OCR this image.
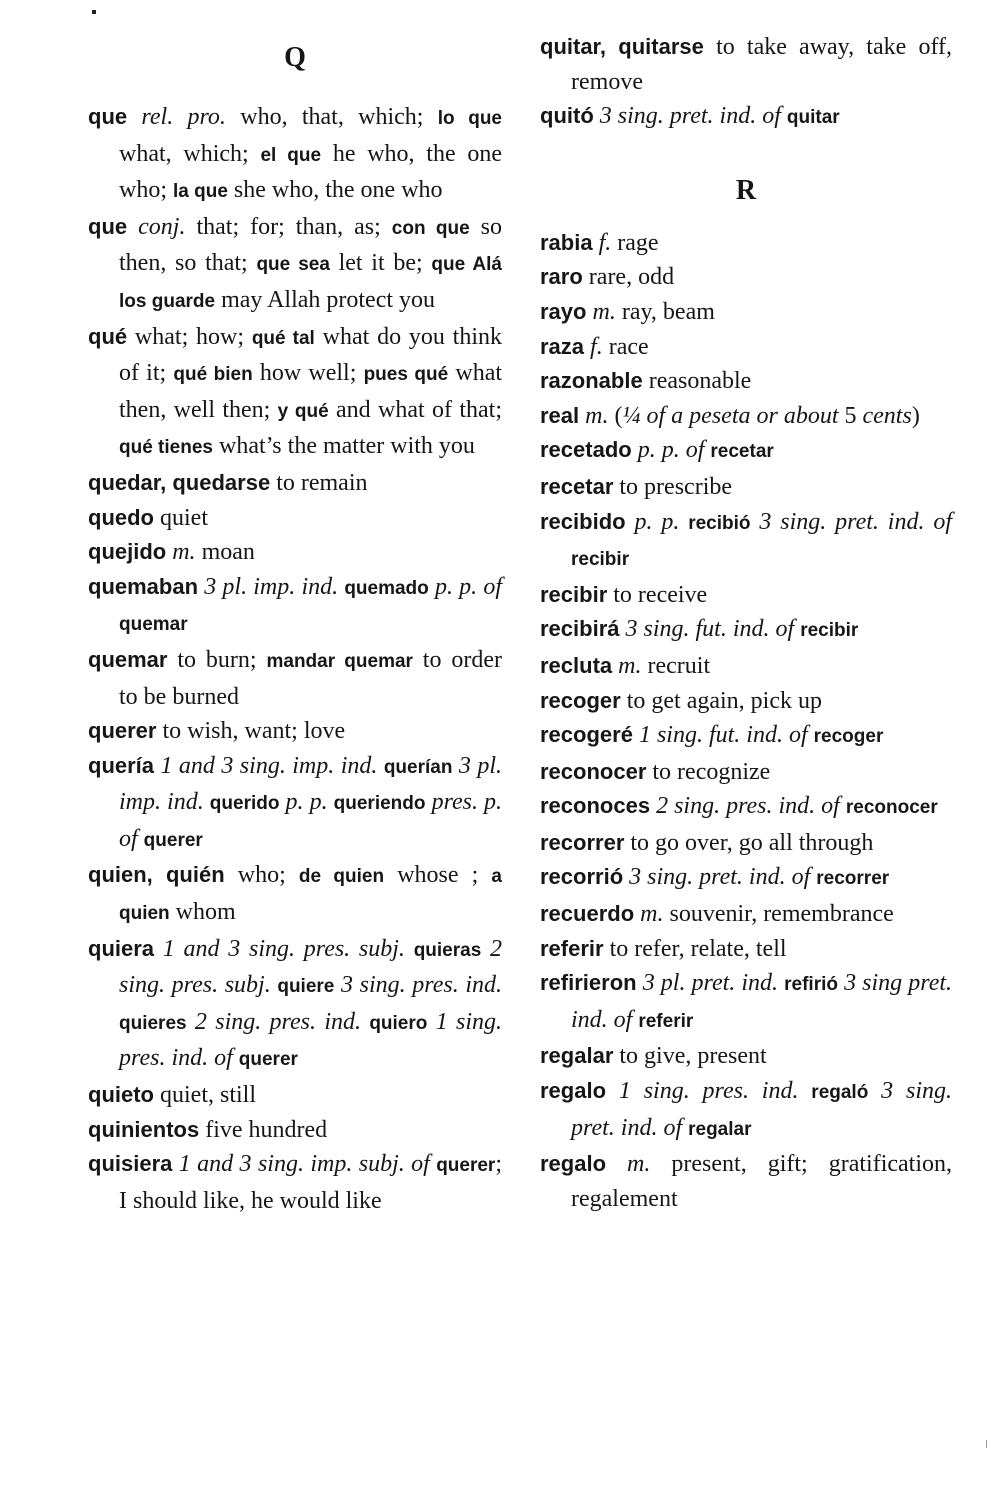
Q

que rel. pro. who, that, which; lo que what, which; el que he who, the one who; la que she who, the one who

que conj. that; for; than, as; con que so then, so that; que sea let it be; que Alá los guarde may Allah protect you

qué what; how; qué tal what do you think of it; qué bien how well; pues qué what then, well then; y qué and what of that; qué tienes what’s the matter with you

quedar, quedarse to remain

quedo quiet

quejido m. moan

quemaban 3 pl. imp. ind. quemado p. p. of quemar

quemar to burn; mandar quemar to order to be burned

querer to wish, want; love

quería 1 and 3 sing. imp. ind. querían 3 pl. imp. ind. querido p. p. queriendo pres. p. of querer

quien, quién who; de quien whose ; a quien whom

quiera 1 and 3 sing. pres. subj. quieras 2 sing. pres. subj. quiere 3 sing. pres. ind. quieres 2 sing. pres. ind. quiero 1 sing. pres. ind. of querer

quieto quiet, still

quinientos five hundred

quisiera 1 and 3 sing. imp. subj. of querer; I should like, he would like

quitar, quitarse to take away, take off, remove

quitó 3 sing. pret. ind. of quitar

R

rabia f. rage

raro rare, odd

rayo m. ray, beam

raza f. race

razonable reasonable

real m. (¼ of a peseta or about 5 cents)

recetado p. p. of recetar

recetar to prescribe

recibido p. p. recibió 3 sing. pret. ind. of recibir

recibir to receive

recibirá 3 sing. fut. ind. of recibir

recluta m. recruit

recoger to get again, pick up

recogeré 1 sing. fut. ind. of recoger

reconocer to recognize

reconoces 2 sing. pres. ind. of reconocer

recorrer to go over, go all through

recorrió 3 sing. pret. ind. of recorrer

recuerdo m. souvenir, remembrance

referir to refer, relate, tell

refirieron 3 pl. pret. ind. refirió 3 sing pret. ind. of referir

regalar to give, present

regalo 1 sing. pres. ind. regaló 3 sing. pret. ind. of regalar

regalo m. present, gift; gratification, regalement
